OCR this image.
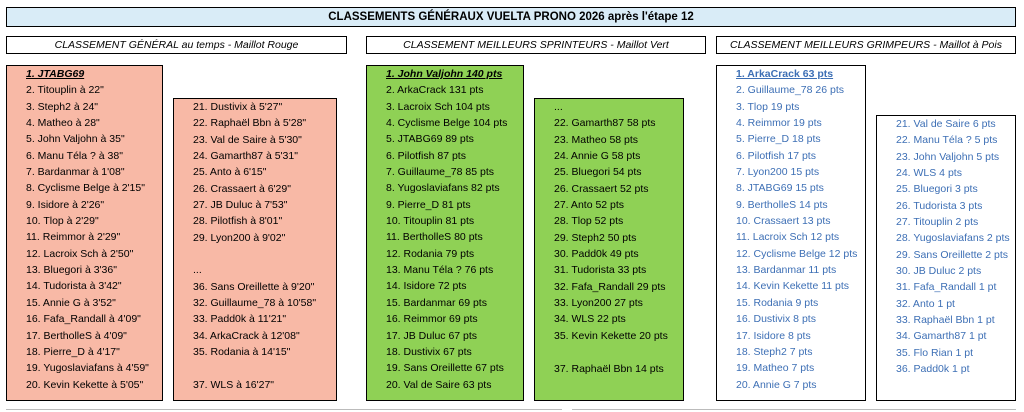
CLASSEMENTS GÉNÉRAUX VUELTA PRONO 2026 après l'étape 12
CLASSEMENT GÉNÉRAL au temps - Maillot Rouge
1. JTABG69
2. Titouplin à 22"
3. Steph2 à 24"
4. Matheo à 28"
5. John Valjohn à 35"
6. Manu Téla ? à 38"
7. Bardanmar à 1'08"
8. Cyclisme Belge à 2'15"
9. Isidore à 2'26"
10. Tlop à 2'29"
11. Reimmor à 2'29"
12. Lacroix Sch à 2'50"
13. Bluegori à 3'36"
14. Tudorista à 3'42"
15. Annie G à 3'52"
16. Fafa_Randall à 4'09"
17. BertholleS à 4'09"
18. Pierre_D à 4'17"
19. Yugoslaviafans à 4'59"
20. Kevin Kekette à 5'05"
21. Dustivix à 5'27"
22. Raphaël Bbn à 5'28"
23. Val de Saire à 5'30"
24. Gamarth87 à 5'31"
25. Anto à 6'15"
26. Crassaert à 6'29"
27. JB Duluc à 7'53"
28. Pilotfish à 8'01"
29. Lyon200 à 9'02"

...
36. Sans Oreillette à 9'20"
32. Guillaume_78 à 10'58"
33. Padd0k à 11'21"
34. ArkaCrack à 12'08"
35. Rodania à 14'15"

37. WLS à 16'27"
CLASSEMENT MEILLEURS SPRINTEURS - Maillot Vert
1. John Valjohn 140 pts
2. ArkaCrack 131 pts
3. Lacroix Sch 104 pts
4. Cyclisme Belge 104 pts
5. JTABG69 89 pts
6. Pilotfish 87 pts
7. Guillaume_78 85 pts
8. Yugoslaviafans 82 pts
9. Pierre_D 81 pts
10. Titouplin 81 pts
11. BertholleS 80 pts
12. Rodania 79 pts
13. Manu Téla ? 76 pts
14. Isidore 72 pts
15. Bardanmar 69 pts
16. Reimmor 69 pts
17. JB Duluc 67 pts
18. Dustivix 67 pts
19. Sans Oreillette 67 pts
20. Val de Saire 63 pts
...
22. Gamarth87 58 pts
23. Matheo 58 pts
24. Annie G 58 pts
25. Bluegori 54 pts
26. Crassaert 52 pts
27. Anto 52 pts
28. Tlop 52 pts
29. Steph2 50 pts
30. Padd0k 49 pts
31. Tudorista 33 pts
32. Fafa_Randall 29 pts
33. Lyon200 27 pts
34. WLS 22 pts
35. Kevin Kekette 20 pts

37. Raphaël Bbn 14 pts
CLASSEMENT MEILLEURS GRIMPEURS - Maillot à Pois
1. ArkaCrack 63 pts
2. Guillaume_78 26 pts
3. Tlop 19 pts
4. Reimmor 19 pts
5. Pierre_D 18 pts
6. Pilotfish 17 pts
7. Lyon200 15 pts
8. JTABG69 15 pts
9. BertholleS 14 pts
10. Crassaert 13 pts
11. Lacroix Sch 12 pts
12. Cyclisme Belge 12 pts
13. Bardanmar 11 pts
14. Kevin Kekette 11 pts
15. Rodania 9 pts
16. Dustivix 8 pts
17. Isidore 8 pts
18. Steph2 7 pts
19. Matheo 7 pts
20. Annie G 7 pts
21. Val de Saire 6 pts
22. Manu Téla ? 5 pts
23. John Valjohn 5 pts
24. WLS 4 pts
25. Bluegori 3 pts
26. Tudorista 3 pts
27. Titouplin 2 pts
28. Yugoslaviafans 2 pts
29. Sans Oreillette 2 pts
30. JB Duluc 2 pts
31. Fafa_Randall 1 pt
32. Anto 1 pt
33. Raphaël Bbn 1 pt
34. Gamarth87 1 pt
35. Flo Rian 1 pt
36. Padd0k 1 pt
